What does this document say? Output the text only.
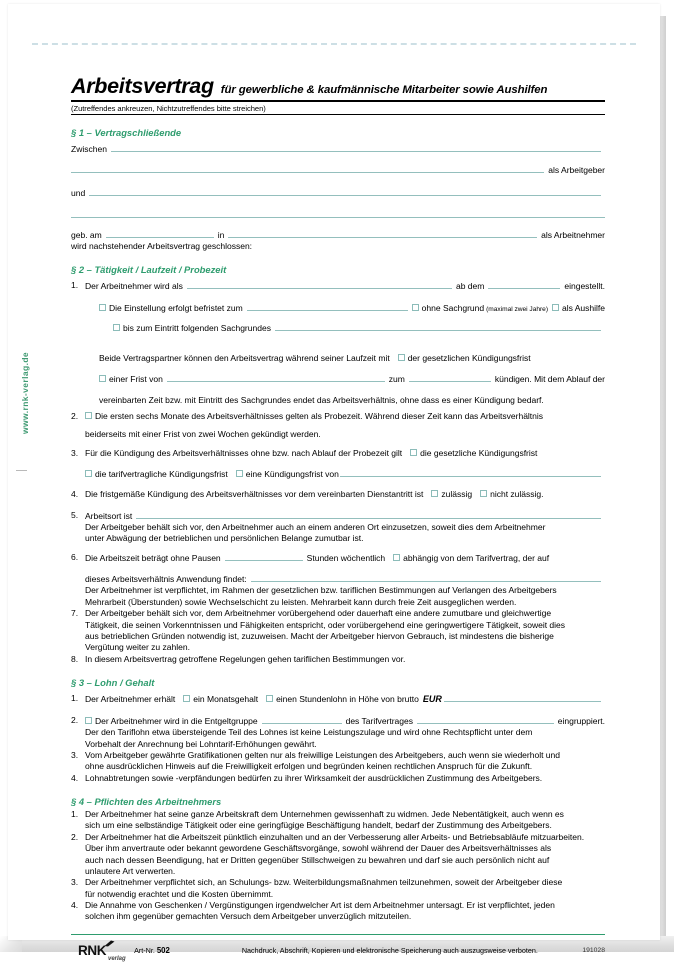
www.rnk-verlag.de
Arbeitsvertrag für gewerbliche & kaufmännische Mitarbeiter sowie Aushilfen
(Zutreffendes ankreuzen, Nichtzutreffendes bitte streichen)
§ 1 – Vertragschließende
Zwischen
als Arbeitgeber
und
geb. am	in	als Arbeitnehmer
wird nachstehender Arbeitsvertrag geschlossen:
§ 2 – Tätigkeit / Laufzeit / Probezeit
1. Der Arbeitnehmer wird als	ab dem	eingestellt.
Die Einstellung erfolgt befristet zum	ohne Sachgrund (maximal zwei Jahre) als Aushilfe
bis zum Eintritt folgenden Sachgrundes
Beide Vertragspartner können den Arbeitsvertrag während seiner Laufzeit mit der gesetzlichen Kündigungsfrist
einer Frist von	zum	kündigen. Mit dem Ablauf der
vereinbarten Zeit bzw. mit Eintritt des Sachgrundes endet das Arbeitsverhältnis, ohne dass es einer Kündigung bedarf.
2.	Die ersten sechs Monate des Arbeitsverhältnisses gelten als Probezeit. Während dieser Zeit kann das Arbeitsverhältnis
beiderseits mit einer Frist von zwei Wochen gekündigt werden.
3. Für die Kündigung des Arbeitsverhältnisses ohne bzw. nach Ablauf der Probezeit gilt die gesetzliche Kündigungsfrist
die tarifvertragliche Kündigungsfrist eine Kündigungsfrist von
4. Die fristgemäße Kündigung des Arbeitsverhältnisses vor dem vereinbarten Dienstantritt ist zulässig nicht zulässig.
5. Arbeitsort ist
Der Arbeitgeber behält sich vor, den Arbeitnehmer auch an einem anderen Ort einzusetzen, soweit dies dem Arbeitnehmer
unter Abwägung der betrieblichen und persönlichen Belange zumutbar ist.
6. Die Arbeitszeit beträgt ohne Pausen	Stunden wöchentlich abhängig von dem Tarifvertrag, der auf
dieses Arbeitsverhältnis Anwendung findet:
Der Arbeitnehmer ist verpflichtet, im Rahmen der gesetzlichen bzw. tariflichen Bestimmungen auf Verlangen des Arbeitgebers
Mehrarbeit (Überstunden) sowie Wechselschicht zu leisten. Mehrarbeit kann durch freie Zeit ausgeglichen werden.
7. Der Arbeitgeber behält sich vor, dem Arbeitnehmer vorübergehend oder dauerhaft eine andere zumutbare und gleichwertige
Tätigkeit, die seinen Vorkenntnissen und Fähigkeiten entspricht, oder vorübergehend eine geringwertigere Tätigkeit, soweit dies
aus betrieblichen Gründen notwendig ist, zuzuweisen. Macht der Arbeitgeber hiervon Gebrauch, ist mindestens die bisherige
Vergütung weiter zu zahlen.
8. In diesem Arbeitsvertrag getroffene Regelungen gehen tariflichen Bestimmungen vor.
§ 3 – Lohn / Gehalt
1. Der Arbeitnehmer erhält ein Monatsgehalt einen Stundenlohn in Höhe von brutto EUR
2.	Der Arbeitnehmer wird in die Entgeltgruppe	des Tarifvertrages	eingruppiert.
Der den Tariflohn etwa übersteigende Teil des Lohnes ist keine Leistungszulage und wird ohne Rechtspflicht unter dem
Vorbehalt der Anrechnung bei Lohntarif-Erhöhungen gewährt.
3. Vom Arbeitgeber gewährte Gratifikationen gelten nur als freiwillige Leistungen des Arbeitgebers, auch wenn sie wiederholt und
ohne ausdrücklichen Hinweis auf die Freiwilligkeit erfolgen und begründen keinen rechtlichen Anspruch für die Zukunft.
4. Lohnabtretungen sowie -verpfändungen bedürfen zu ihrer Wirksamkeit der ausdrücklichen Zustimmung des Arbeitgebers.
§ 4 – Pflichten des Arbeitnehmers
1. Der Arbeitnehmer hat seine ganze Arbeitskraft dem Unternehmen gewissenhaft zu widmen. Jede Nebentätigkeit, auch wenn es
sich um eine selbständige Tätigkeit oder eine geringfügige Beschäftigung handelt, bedarf der Zustimmung des Arbeitgebers.
2. Der Arbeitnehmer hat die Arbeitszeit pünktlich einzuhalten und an der Verbesserung aller Arbeits- und Betriebsabläufe mitzuarbeiten.
Über ihm anvertraute oder bekannt gewordene Geschäftsvorgänge, sowohl während der Dauer des Arbeitsverhältnisses als
auch nach dessen Beendigung, hat er Dritten gegenüber Stillschweigen zu bewahren und darf sie auch persönlich nicht auf
unlautere Art verwerten.
3. Der Arbeitnehmer verpflichtet sich, an Schulungs- bzw. Weiterbildungsmaßnahmen teilzunehmen, soweit der Arbeitgeber diese
für notwendig erachtet und die Kosten übernimmt.
4. Die Annahme von Geschenken / Vergünstigungen irgendwelcher Art ist dem Arbeitnehmer untersagt. Er ist verpflichtet, jeden
solchen ihm gegenüber gemachten Versuch dem Arbeitgeber unverzüglich mitzuteilen.
RNK
verlag
Art-Nr. 502	Nachdruck, Abschrift, Kopieren und elektronische Speicherung auch auszugsweise verboten.	191028
